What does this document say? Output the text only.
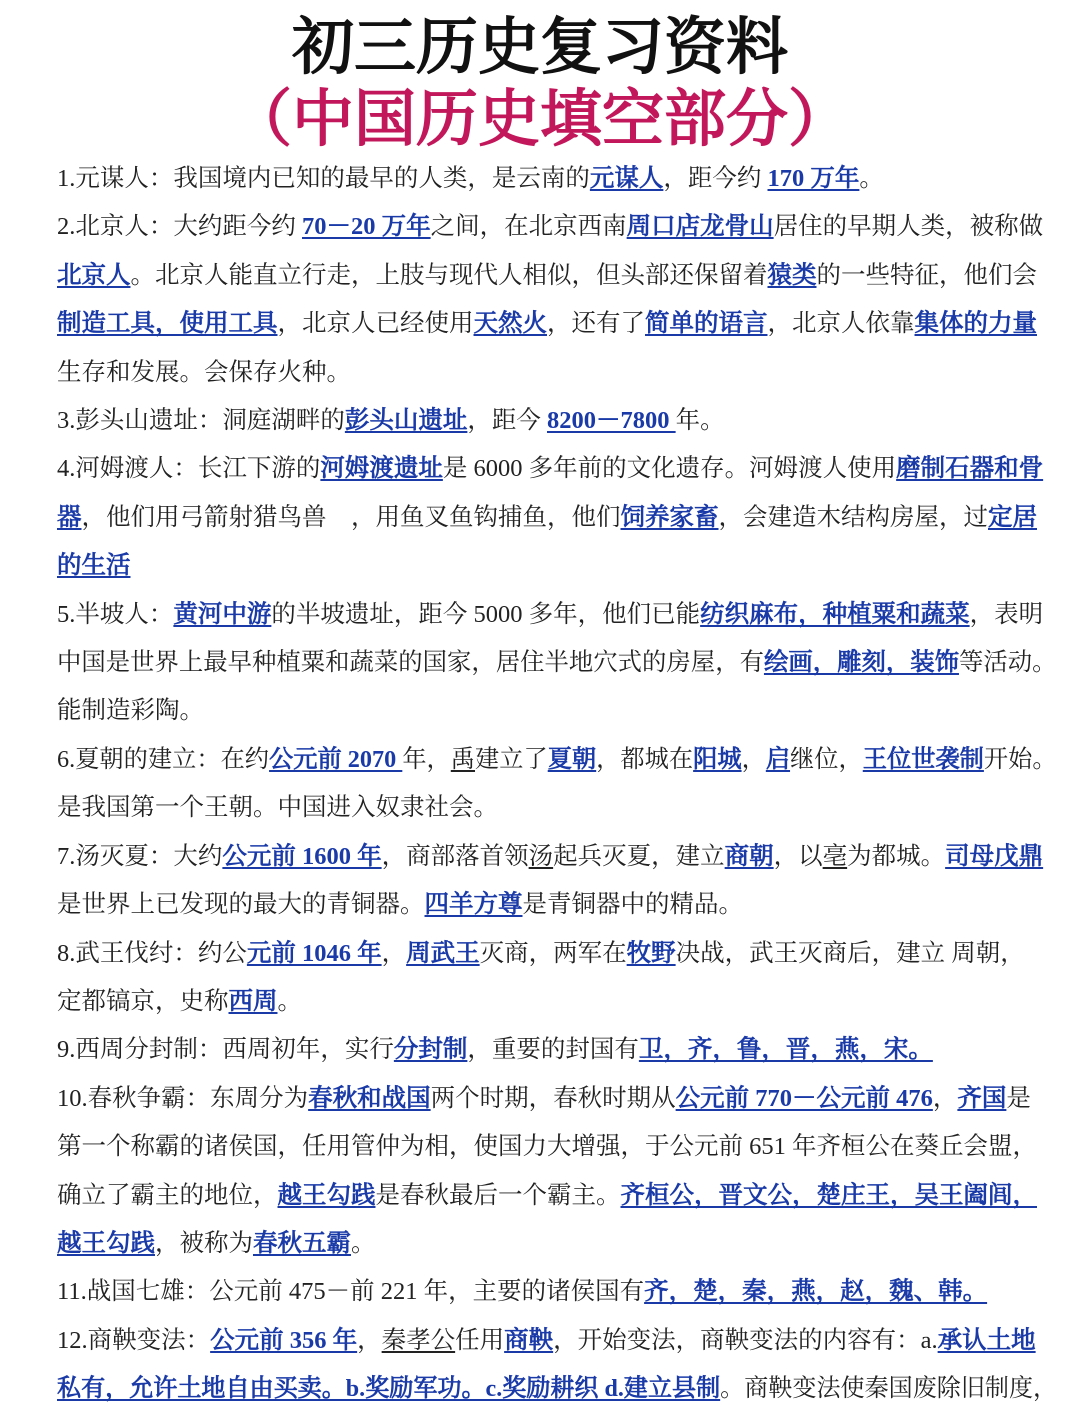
初三历史复习资料
（中国历史填空部分）
1.元谋人：我国境内已知的最早的人类，是云南的元谋人，距今约 170 万年。
2.北京人：大约距今约 70－20 万年之间，在北京西南周口店龙骨山居住的早期人类，被称做
北京人。北京人能直立行走，上肢与现代人相似，但头部还保留着猿类的一些特征，他们会
制造工具，使用工具，北京人已经使用天然火，还有了简单的语言，北京人依靠集体的力量
生存和发展。会保存火种。
3.彭头山遗址：洞庭湖畔的彭头山遗址，距今 8200－7800 年。
4.河姆渡人：长江下游的河姆渡遗址是 6000 多年前的文化遗存。河姆渡人使用磨制石器和骨
器，他们用弓箭射猎鸟兽　，用鱼叉鱼钩捕鱼，他们饲养家畜，会建造木结构房屋，过定居
的生活
5.半坡人：黄河中游的半坡遗址，距今 5000 多年，他们已能纺织麻布，种植粟和蔬菜，表明
中国是世界上最早种植粟和蔬菜的国家，居住半地穴式的房屋，有绘画，雕刻，装饰等活动。
能制造彩陶。
6.夏朝的建立：在约公元前 2070 年，禹建立了夏朝，都城在阳城，启继位，王位世袭制开始。
是我国第一个王朝。中国进入奴隶社会。
7.汤灭夏：大约公元前 1600 年，商部落首领汤起兵灭夏，建立商朝，以亳为都城。司母戊鼎
是世界上已发现的最大的青铜器。四羊方尊是青铜器中的精品。
8.武王伐纣：约公元前 1046 年，周武王灭商，两军在牧野决战，武王灭商后，建立 周朝，
定都镐京，史称西周。
9.西周分封制：西周初年，实行分封制，重要的封国有卫，齐，鲁，晋，燕，宋。
10.春秋争霸：东周分为春秋和战国两个时期，春秋时期从公元前 770－公元前 476，齐国是
第一个称霸的诸侯国，任用管仲为相，使国力大增强，于公元前 651 年齐桓公在葵丘会盟，
确立了霸主的地位，越王勾践是春秋最后一个霸主。齐桓公，晋文公，楚庄王，吴王阖闾，
越王勾践，被称为春秋五霸。
11.战国七雄：公元前 475－前 221 年，主要的诸侯国有齐，楚，秦，燕，赵，魏、韩。
12.商鞅变法：公元前 356 年，秦孝公任用商鞅，开始变法，商鞅变法的内容有：a.承认土地
私有，允许土地自由买卖。b.奖励军功。c.奖励耕织 d.建立县制。商鞅变法使秦国废除旧制度，
